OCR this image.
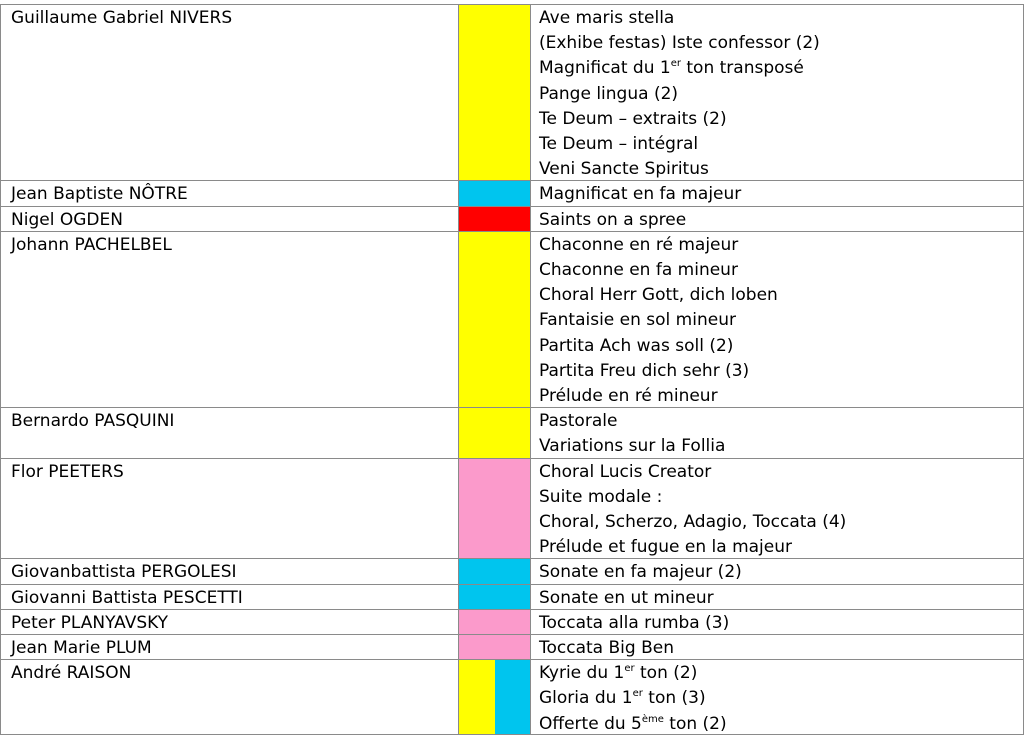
Guillaume Gabriel NIVERS	Ave maris stella
(Exhibe festas) Iste confessor (2)
Magnificat du 1er ton transposé
Pange lingua (2)
Te Deum – extraits (2)
Te Deum – intégral
Veni Sancte Spiritus
Jean Baptiste NÔTRE	Magnificat en fa majeur
Nigel OGDEN	Saints on a spree
Johann PACHELBEL	Chaconne en ré majeur
Chaconne en fa mineur
Choral Herr Gott, dich loben
Fantaisie en sol mineur
Partita Ach was soll (2)
Partita Freu dich sehr (3)
Prélude en ré mineur
Bernardo PASQUINI	Pastorale
Variations sur la Follia
Flor PEETERS	Choral Lucis Creator
Suite modale :
Choral, Scherzo, Adagio, Toccata (4)
Prélude et fugue en la majeur
Giovanbattista PERGOLESI	Sonate en fa majeur (2)
Giovanni Battista PESCETTI	Sonate en ut mineur
Peter PLANYAVSKY	Toccata alla rumba (3)
Jean Marie PLUM	Toccata Big Ben
André RAISON	Kyrie du 1er ton (2)
Gloria du 1er ton (3)
Offerte du 5ème ton (2)
